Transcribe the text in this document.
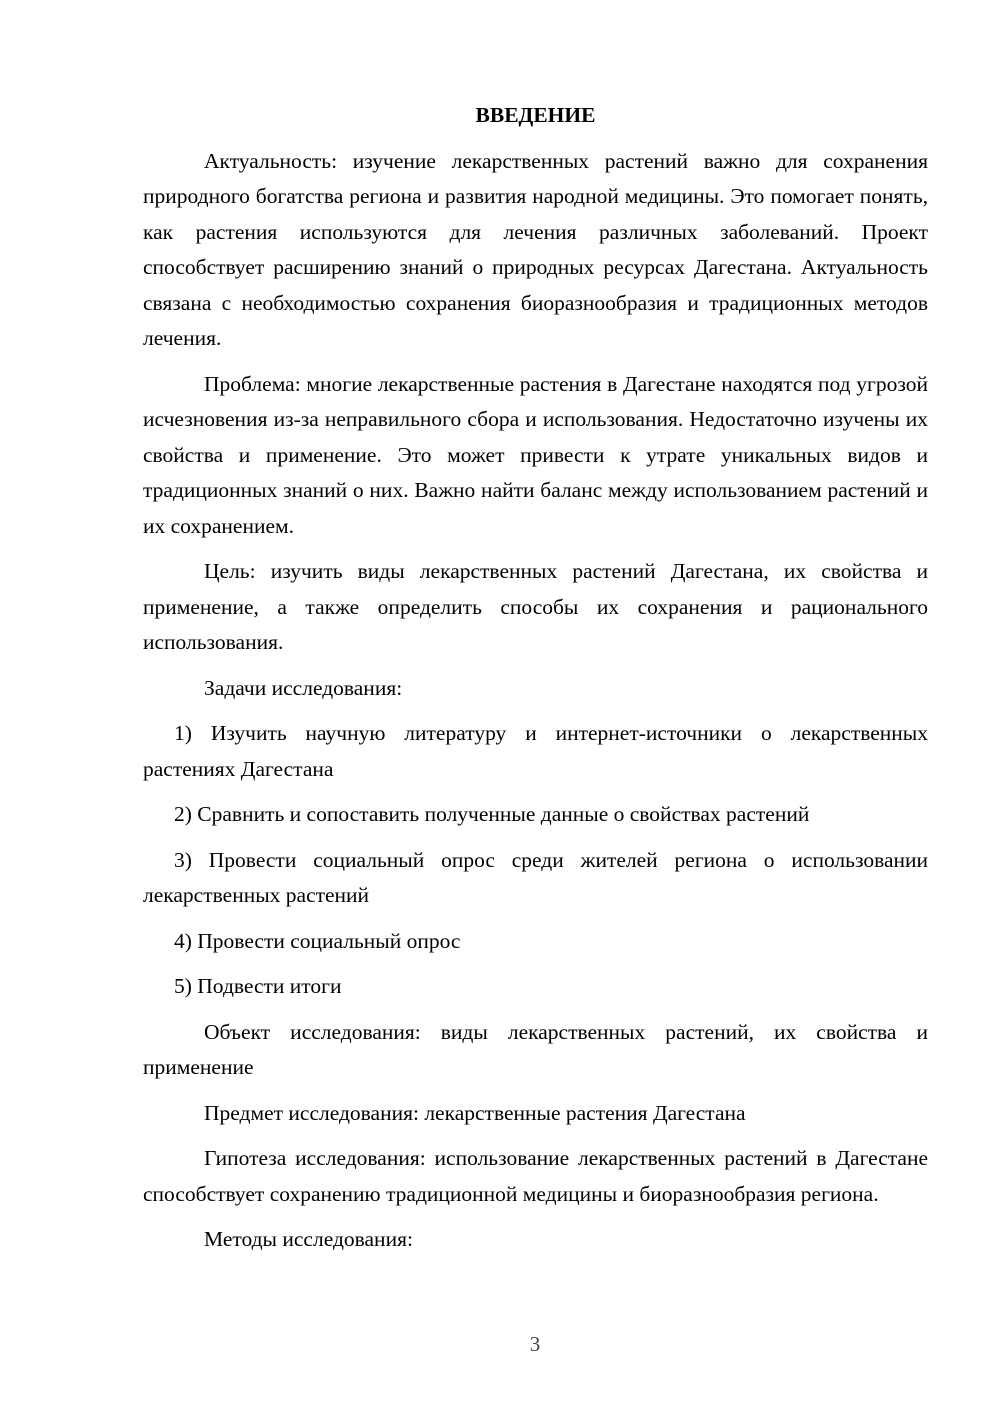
ВВЕДЕНИЕ

Актуальность: изучение лекарственных растений важно для сохранения природного богатства региона и развития народной медицины. Это помогает понять, как растения используются для лечения различных заболеваний. Проект способствует расширению знаний о природных ресурсах Дагестана. Актуальность связана с необходимостью сохранения биоразнообразия и традиционных методов лечения.

Проблема: многие лекарственные растения в Дагестане находятся под угрозой исчезновения из-за неправильного сбора и использования. Недостаточно изучены их свойства и применение. Это может привести к утрате уникальных видов и традиционных знаний о них. Важно найти баланс между использованием растений и их сохранением.

Цель: изучить виды лекарственных растений Дагестана, их свойства и применение, а также определить способы их сохранения и рационального использования.

Задачи исследования:

1) Изучить научную литературу и интернет-источники о лекарственных растениях Дагестана

2) Сравнить и сопоставить полученные данные о свойствах растений

3) Провести социальный опрос среди жителей региона о использовании лекарственных растений

4) Провести социальный опрос

5) Подвести итоги

Объект исследования: виды лекарственных растений, их свойства и применение

Предмет исследования: лекарственные растения Дагестана

Гипотеза исследования: использование лекарственных растений в Дагестане способствует сохранению традиционной медицины и биоразнообразия региона.

Методы исследования:

3
